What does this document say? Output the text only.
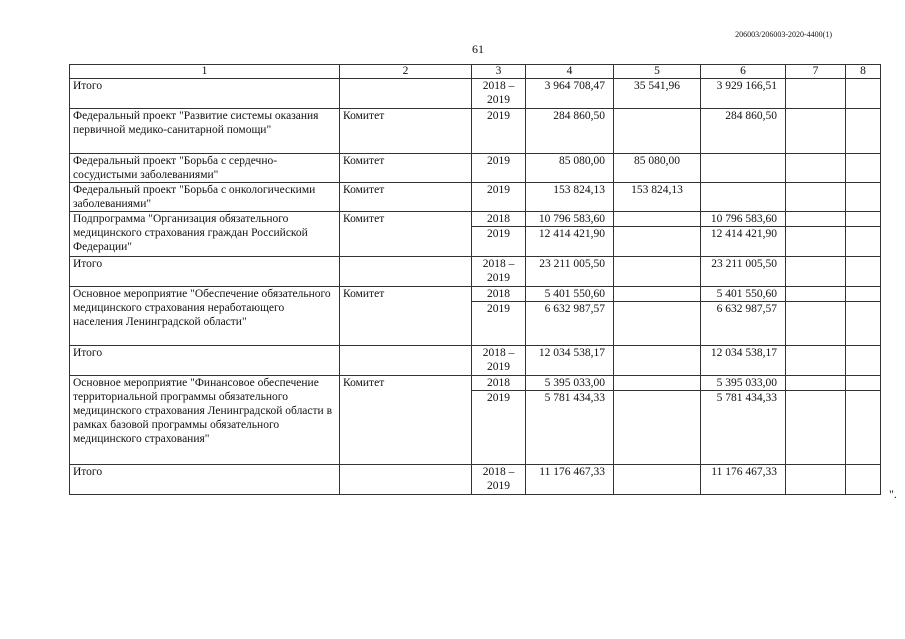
206003/206003-2020-4400(1)
61
1	2	3	4	5	6	7	8
Итого		2018 – 2019	3 964 708,47	35 541,96	3 929 166,51		
Федеральный проект "Развитие системы оказания первичной медико-санитарной помощи"	Комитет	2019	284 860,50		284 860,50		
Федеральный проект "Борьба с сердечно-сосудистыми заболеваниями"	Комитет	2019	85 080,00	85 080,00			
Федеральный проект "Борьба с онкологическими заболеваниями"	Комитет	2019	153 824,13	153 824,13			
Подпрограмма "Организация обязательного медицинского страхования граждан Российской Федерации"	Комитет	2018	10 796 583,60		10 796 583,60		
		2019	12 414 421,90		12 414 421,90		
Итого		2018 – 2019	23 211 005,50		23 211 005,50		
Основное мероприятие "Обеспечение обязательного медицинского страхования неработающего населения Ленинградской области"	Комитет	2018	5 401 550,60		5 401 550,60		
		2019	6 632 987,57		6 632 987,57		
Итого		2018 – 2019	12 034 538,17		12 034 538,17		
Основное мероприятие "Финансовое обеспечение территориальной программы обязательного медицинского страхования Ленинградской области в рамках базовой программы обязательного медицинского страхования"	Комитет	2018	5 395 033,00		5 395 033,00		
		2019	5 781 434,33		5 781 434,33		
Итого		2018 – 2019	11 176 467,33		11 176 467,33		
".
